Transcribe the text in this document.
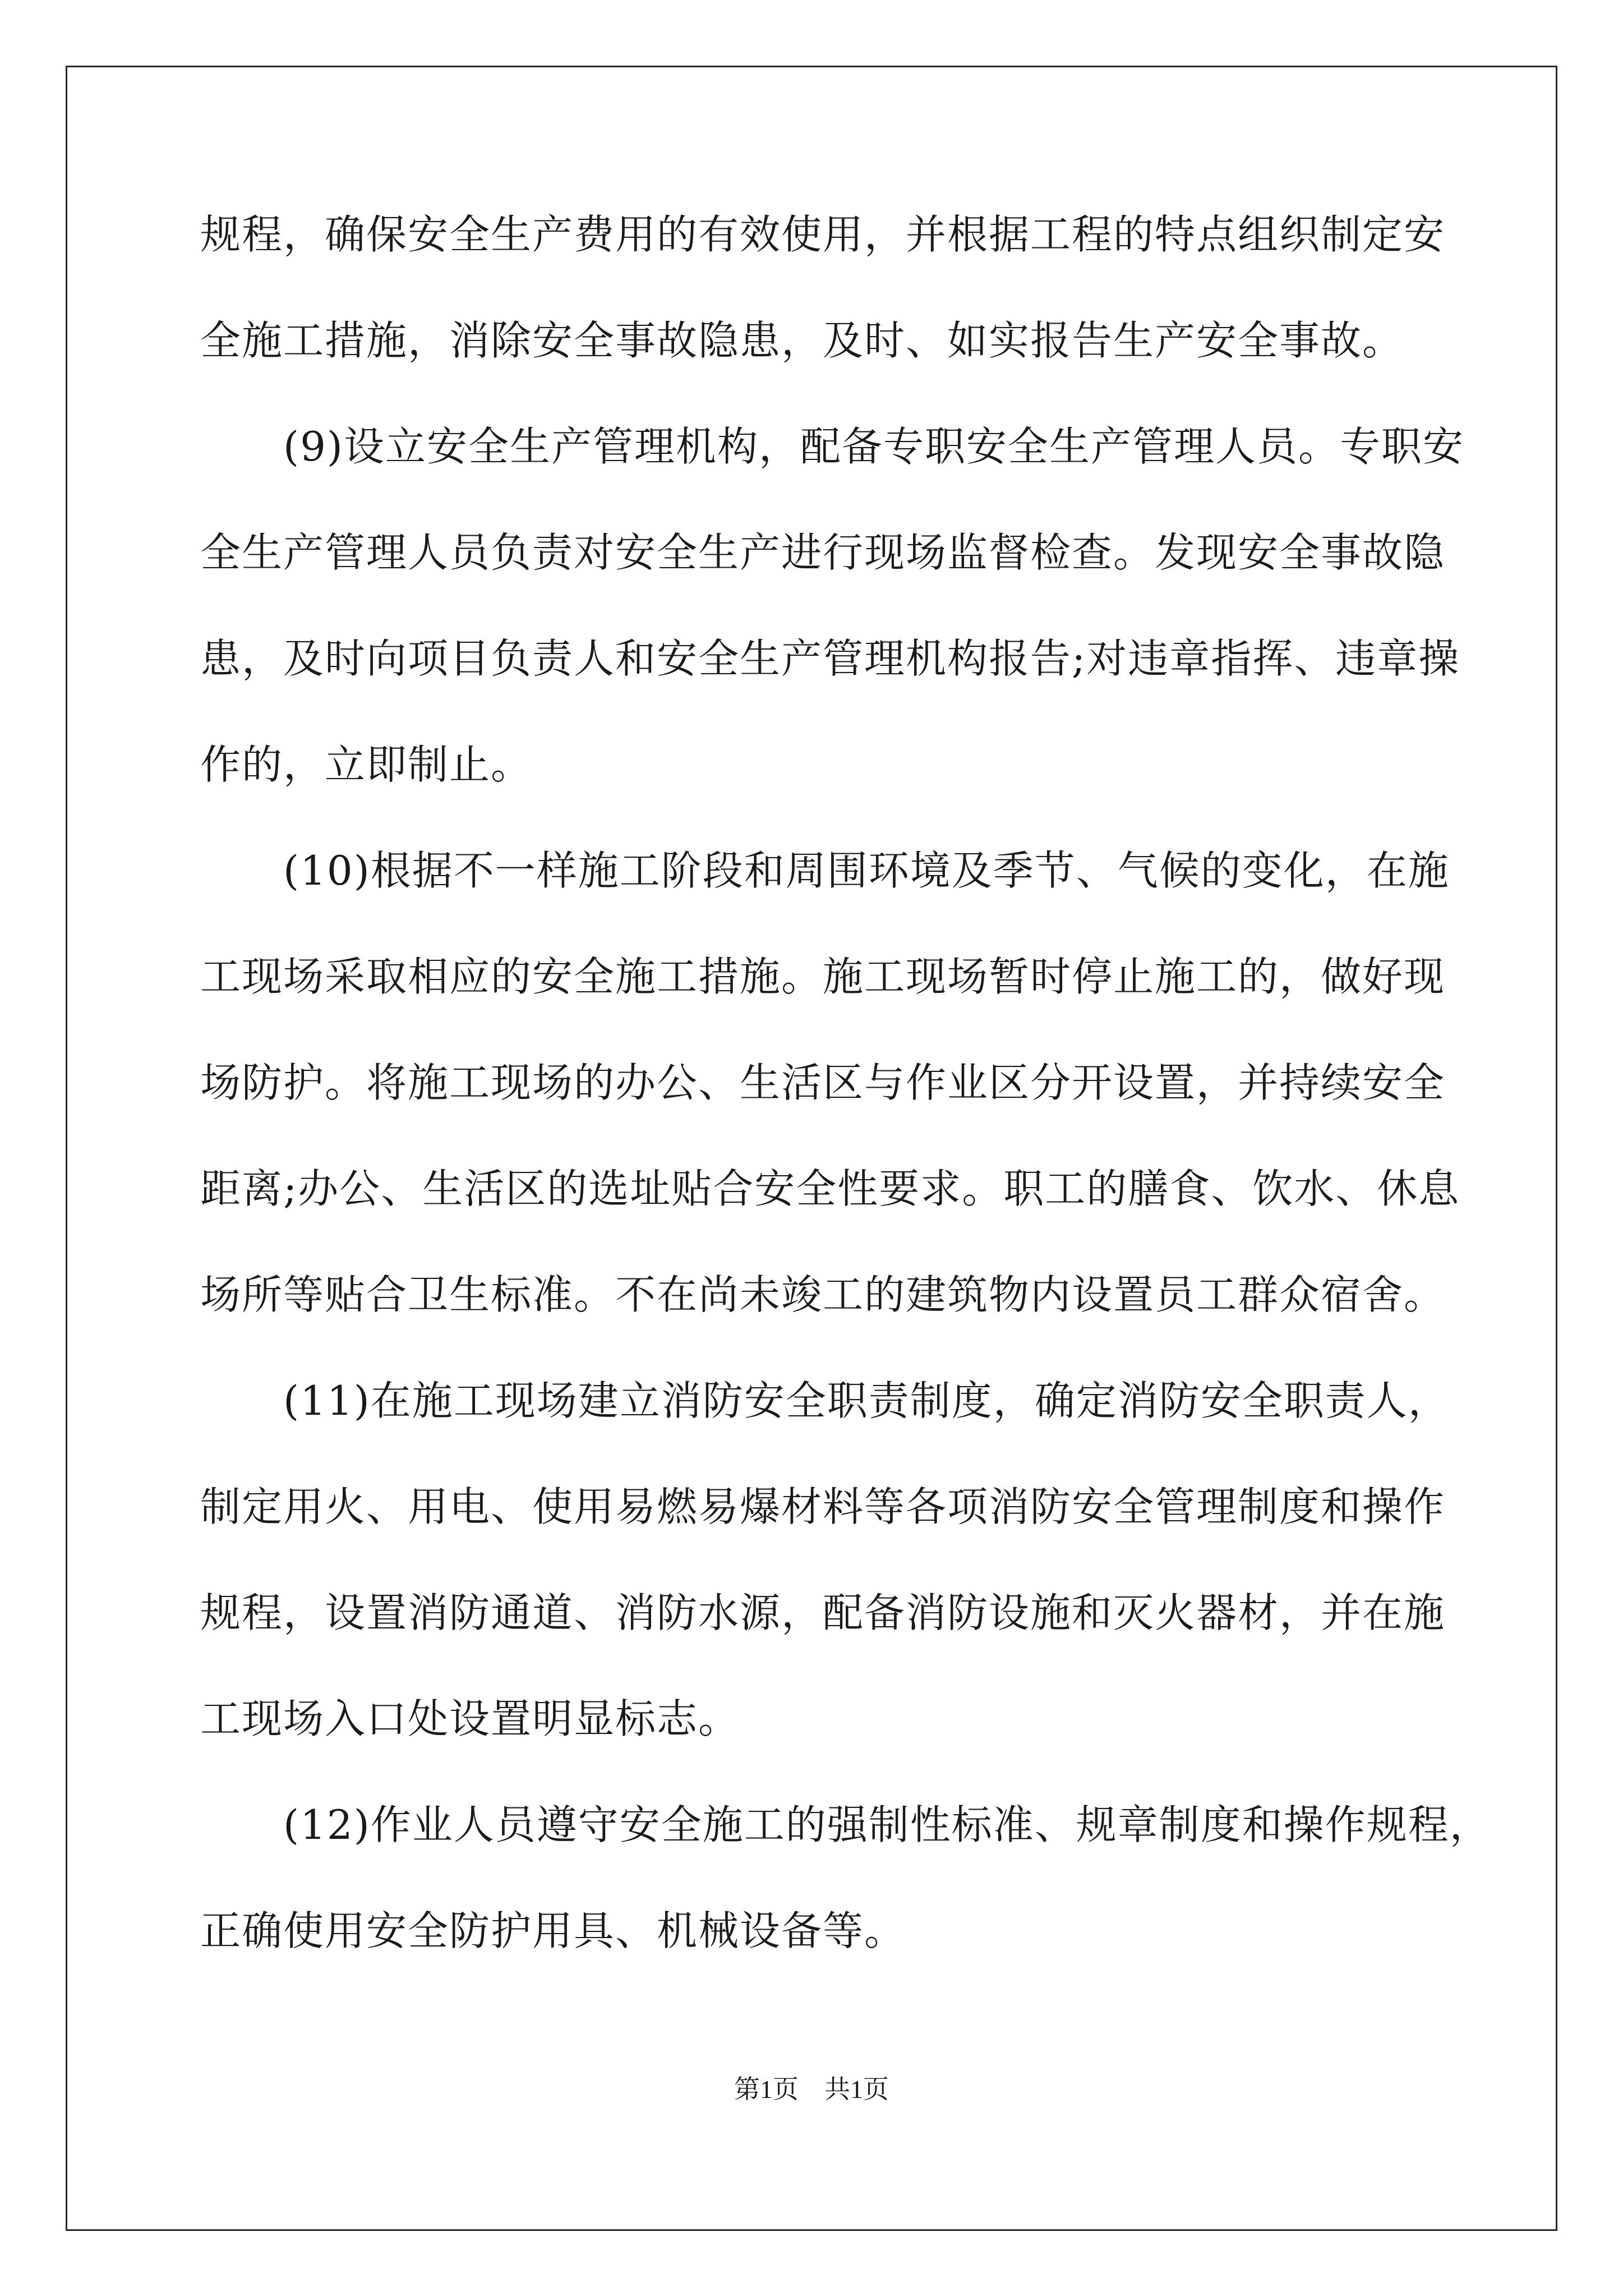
规程，确保安全生产费用的有效使用，并根据工程的特点组织制定安
全施工措施，消除安全事故隐患，及时、如实报告生产安全事故。
(9)设立安全生产管理机构，配备专职安全生产管理人员。专职安
全生产管理人员负责对安全生产进行现场监督检查。发现安全事故隐
患，及时向项目负责人和安全生产管理机构报告;对违章指挥、违章操
作的，立即制止。
(10)根据不一样施工阶段和周围环境及季节、气候的变化，在施
工现场采取相应的安全施工措施。施工现场暂时停止施工的，做好现
场防护。将施工现场的办公、生活区与作业区分开设置，并持续安全
距离;办公、生活区的选址贴合安全性要求。职工的膳食、饮水、休息
场所等贴合卫生标准。不在尚未竣工的建筑物内设置员工群众宿舍。
(11)在施工现场建立消防安全职责制度，确定消防安全职责人，
制定用火、用电、使用易燃易爆材料等各项消防安全管理制度和操作
规程，设置消防通道、消防水源，配备消防设施和灭火器材，并在施
工现场入口处设置明显标志。
(12)作业人员遵守安全施工的强制性标准、规章制度和操作规程，
正确使用安全防护用具、机械设备等。
第1页 共1页
